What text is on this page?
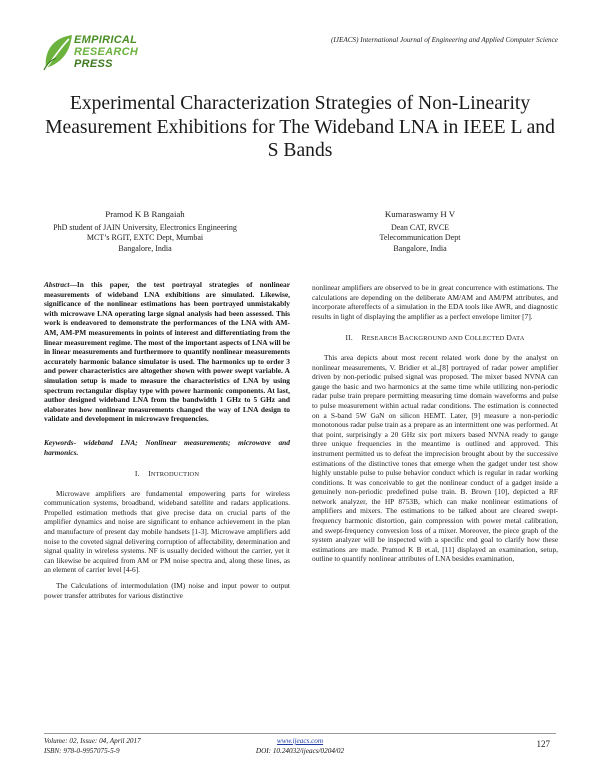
EMPIRICAL
RESEARCH
PRESS
(IJEACS) International Journal of Engineering and Applied Computer Science
Experimental Characterization Strategies of Non-Linearity Measurement Exhibitions for The Wideband LNA in IEEE L and S Bands
Pramod K B Rangaiah
PhD student of JAIN University, Electronics Engineering
MCT’s RGIT, EXTC Dept, Mumbai
Bangalore, India
Kumaraswamy H V
Dean CAT, RVCE
Telecommunication Dept
Bangalore, India

Abstract—In this paper, the test portrayal strategies of nonlinear measurements of wideband LNA exhibitions are simulated. Likewise, significance of the nonlinear estimations has been portrayed unmistakably with microwave LNA operating large signal analysis had been assessed. This work is endeavored to demonstrate the performances of the LNA with AM-AM, AM-PM measurements in points of interest and differentiating from the linear measurement regime. The most of the important aspects of LNA will be in linear measurements and furthermore to quantify nonlinear measurements accurately harmonic balance simulator is used. The harmonics up to order 3 and power characteristics are altogether shown with power swept variable. A simulation setup is made to measure the characteristics of LNA by using spectrum rectangular display type with power harmonic components. At last, author designed wideband LNA from the bandwidth 1 GHz to 5 GHz and elaborates how nonlinear measurements changed the way of LNA design to validate and development in microwave frequencies.

Keywords- wideband LNA; Nonlinear measurements; microwave and harmonics.

I. INTRODUCTION

Microwave amplifiers are fundamental empowering parts for wireless communication systems, broadband, wideband satellite and radars applications. Propelled estimation methods that give precise data on crucial parts of the amplifier dynamics and noise are significant to enhance achievement in the plan and manufacture of present day mobile handsets [1-3]. Microwave amplifiers add noise to the coveted signal delivering corruption of affectability, determination and signal quality in wireless systems. NF is usually decided without the carrier, yet it can likewise be acquired from AM or PM noise spectra and, along these lines, as an element of carrier level [4-6].

The Calculations of intermodulation (IM) noise and input power to output power transfer attributes for various distinctive

nonlinear amplifiers are observed to be in great concurrence with estimations. The calculations are depending on the deliberate AM/AM and AM/PM attributes, and incorporate aftereffects of a simulation in the EDA tools like AWR, and diagnostic results in light of displaying the amplifier as a perfect envelope limiter [7].

II. RESEARCH BACKGROUND AND COLLECTED DATA

This area depicts about most recent related work done by the analyst on nonlinear measurements, V. Bridier et al.,[8] portrayed of radar power amplifier driven by non-periodic pulsed signal was proposed. The mixer based NVNA can gauge the basic and two harmonics at the same time while utilizing non-periodic radar pulse train prepare permitting measuring time domain waveforms and pulse to pulse measurement within actual radar conditions. The estimation is connected on a S-band 5W GaN on silicon HEMT. Later, [9] measure a non-periodic monotonous radar pulse train as a prepare as an intermittent one was performed. At that point, surprisingly a 20 GHz six port mixers based NVNA ready to gauge three unique frequencies in the meantime is outlined and approved. This instrument permitted us to defeat the imprecision brought about by the successive estimations of the distinctive tones that emerge when the gadget under test show highly unstable pulse to pulse behavior conduct which is regular in radar working conditions. It was conceivable to get the nonlinear conduct of a gadget inside a genuinely non-periodic predefined pulse train. B. Brown [10], depicted a RF network analyzer, the HP 8753B, which can make nonlinear estimations of amplifiers and mixers. The estimations to be talked about are cleared swept-frequency harmonic distortion, gain compression with power metal calibration, and swept-frequency conversion loss of a mixer. Moreover, the piece graph of the system analyzer will be inspected with a specific end goal to clarify how these estimations are made. Pramod K B et.al, [11] displayed an examination, setup, outline to quantify nonlinear attributes of LNA besides examination,

Volume: 02, Issue: 04, April 2017
ISBN: 978-0-9957075-5-9
www.ijeacs.com
DOI: 10.24032/ijeacs/0204/02
127
